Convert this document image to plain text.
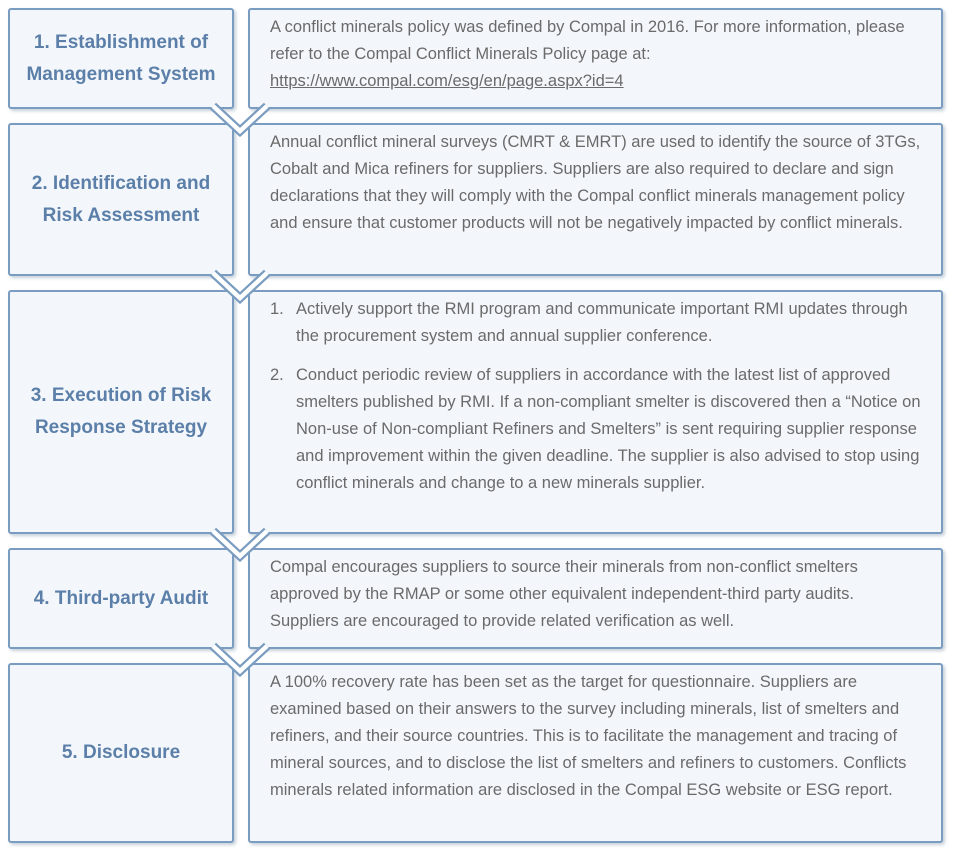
1. Establishment of Management System

A conflict minerals policy was defined by Compal in 2016. For more information, please refer to the Compal Conflict Minerals Policy page at: https://www.compal.com/esg/en/page.aspx?id=4

2. Identification and Risk Assessment

Annual conflict mineral surveys (CMRT & EMRT) are used to identify the source of 3TGs, Cobalt and Mica refiners for suppliers. Suppliers are also required to declare and sign declarations that they will comply with the Compal conflict minerals management policy and ensure that customer products will not be negatively impacted by conflict minerals.

3. Execution of Risk Response Strategy
1. Actively support the RMI program and communicate important RMI updates through the procurement system and annual supplier conference.
2. Conduct periodic review of suppliers in accordance with the latest list of approved smelters published by RMI. If a non-compliant smelter is discovered then a “Notice on Non-use of Non-compliant Refiners and Smelters” is sent requiring supplier response and improvement within the given deadline. The supplier is also advised to stop using conflict minerals and change to a new minerals supplier.
4. Third-party Audit

Compal encourages suppliers to source their minerals from non-conflict smelters approved by the RMAP or some other equivalent independent-third party audits. Suppliers are encouraged to provide related verification as well.

5. Disclosure

A 100% recovery rate has been set as the target for questionnaire. Suppliers are examined based on their answers to the survey including minerals, list of smelters and refiners, and their source countries. This is to facilitate the management and tracing of mineral sources, and to disclose the list of smelters and refiners to customers. Conflicts minerals related information are disclosed in the Compal ESG website or ESG report.
